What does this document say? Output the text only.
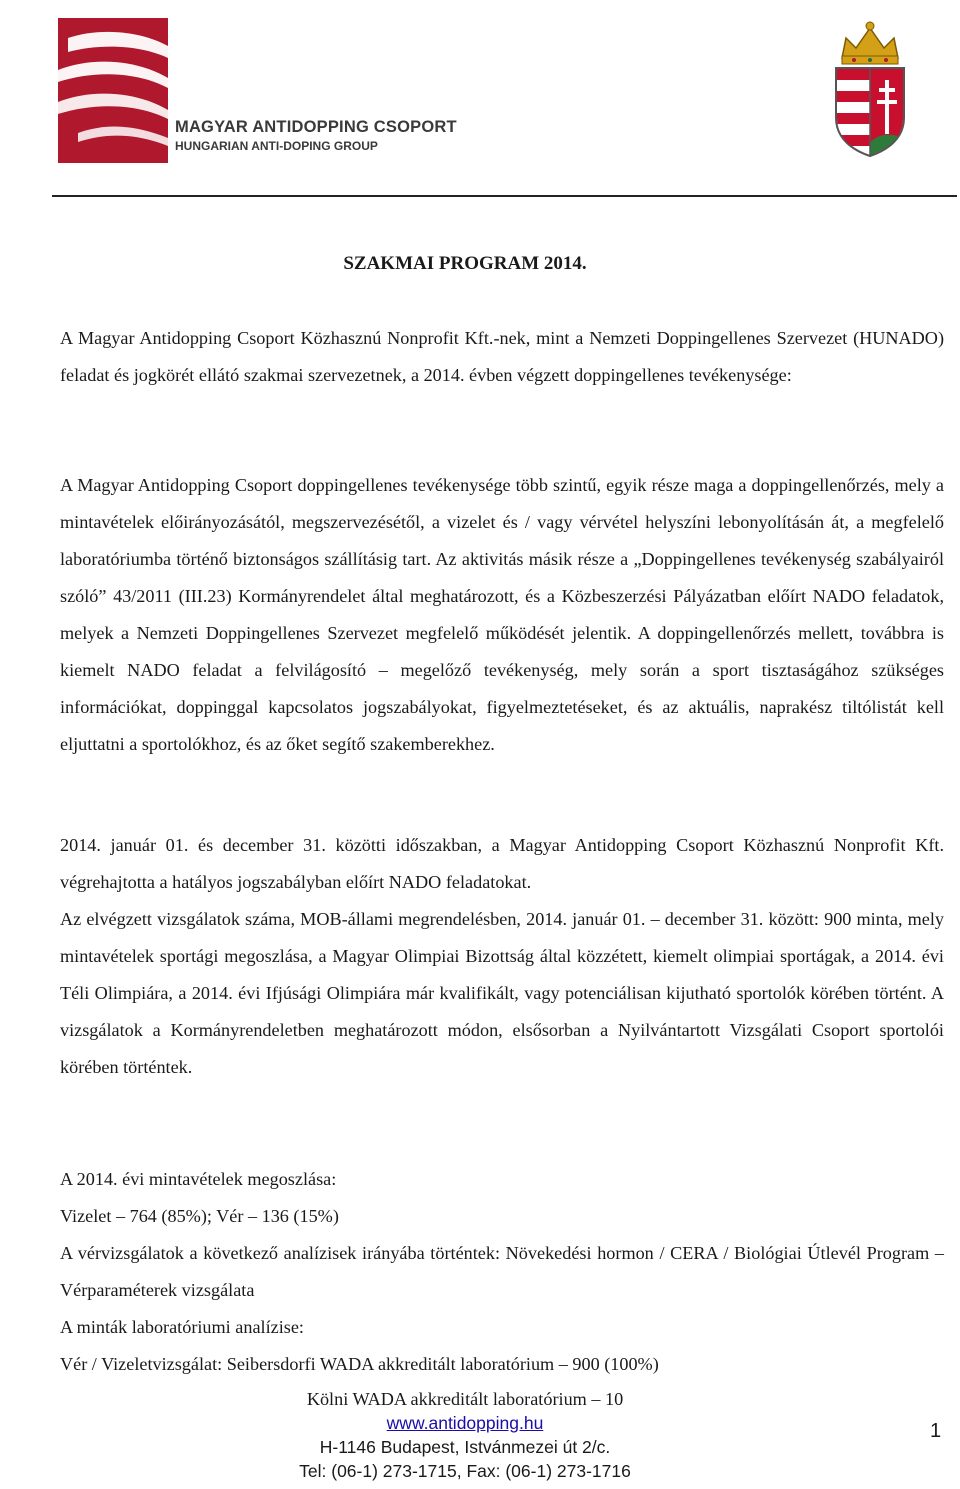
MAGYAR ANTIDOPPING CSOPORT
HUNGARIAN ANTI-DOPING GROUP
SZAKMAI PROGRAM 2014.

A Magyar Antidopping Csoport Közhasznú Nonprofit Kft.-nek, mint a Nemzeti Doppingellenes Szervezet (HUNADO) feladat és jogkörét ellátó szakmai szervezetnek, a 2014. évben végzett doppingellenes tevékenysége:

A Magyar Antidopping Csoport doppingellenes tevékenysége több szintű, egyik része maga a doppingellenőrzés, mely a mintavételek előirányozásától, megszervezésétől, a vizelet és / vagy vérvétel helyszíni lebonyolításán át, a megfelelő laboratóriumba történő biztonságos szállításig tart. Az aktivitás másik része a „Doppingellenes tevékenység szabályairól szóló” 43/2011 (III.23) Kormányrendelet által meghatározott, és a Közbeszerzési Pályázatban előírt NADO feladatok, melyek a Nemzeti Doppingellenes Szervezet megfelelő működését jelentik. A doppingellenőrzés mellett, továbbra is kiemelt NADO feladat a felvilágosító – megelőző tevékenység, mely során a sport tisztaságához szükséges információkat, doppinggal kapcsolatos jogszabályokat, figyelmeztetéseket, és az aktuális, naprakész tiltólistát kell eljuttatni a sportolókhoz, és az őket segítő szakemberekhez.

2014. január 01. és december 31. közötti időszakban, a Magyar Antidopping Csoport Közhasznú Nonprofit Kft. végrehajtotta a hatályos jogszabályban előírt NADO feladatokat.

Az elvégzett vizsgálatok száma, MOB-állami megrendelésben, 2014. január 01. – december 31. között: 900 minta, mely mintavételek sportági megoszlása, a Magyar Olimpiai Bizottság által közzétett, kiemelt olimpiai sportágak, a 2014. évi Téli Olimpiára, a 2014. évi Ifjúsági Olimpiára már kvalifikált, vagy potenciálisan kijutható sportolók körében történt. A vizsgálatok a Kormányrendeletben meghatározott módon, elsősorban a Nyilvántartott Vizsgálati Csoport sportolói körében történtek.

A 2014. évi mintavételek megoszlása:

Vizelet – 764 (85%); Vér – 136 (15%)

A vérvizsgálatok a következő analízisek irányába történtek: Növekedési hormon / CERA / Biológiai Útlevél Program – Vérparaméterek vizsgálata

A minták laboratóriumi analízise:

Vér / Vizeletvizsgálat: Seibersdorfi WADA akkreditált laboratórium – 900 (100%)

Kölni WADA akkreditált laboratórium – 10
www.antidopping.hu
H-1146 Budapest, Istvánmezei út 2/c.
Tel: (06-1) 273-1715, Fax: (06-1) 273-1716
1
